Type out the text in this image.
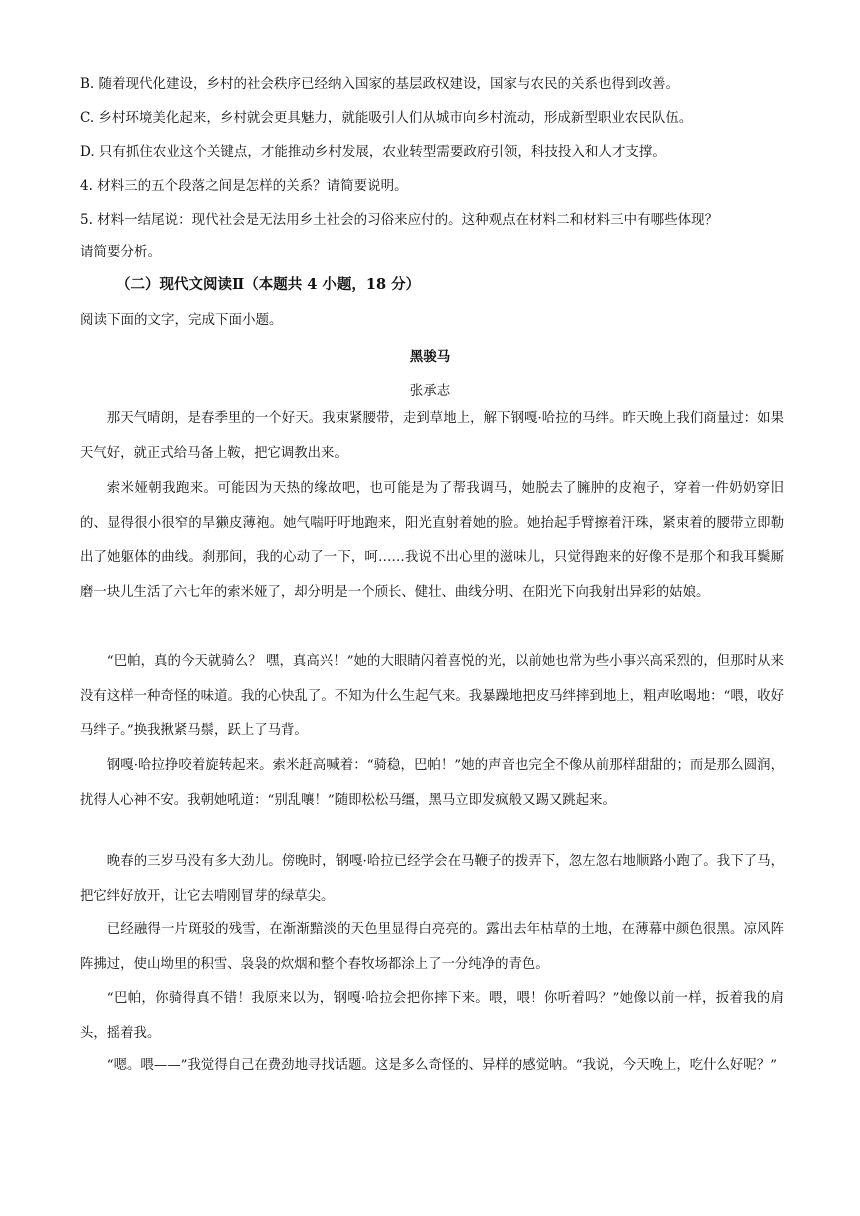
B. 随着现代化建设，乡村的社会秩序已经纳入国家的基层政权建设，国家与农民的关系也得到改善。
C. 乡村环境美化起来，乡村就会更具魅力，就能吸引人们从城市向乡村流动，形成新型职业农民队伍。
D. 只有抓住农业这个关键点，才能推动乡村发展，农业转型需要政府引领，科技投入和人才支撑。
4. 材料三的五个段落之间是怎样的关系？请简要说明。
5. 材料一结尾说：现代社会是无法用乡土社会的习俗来应付的。这种观点在材料二和材料三中有哪些体现？
请简要分析。
（二）现代文阅读Ⅱ（本题共 4 小题，18 分）
阅读下面的文字，完成下面小题。
黑骏马
张承志

那天气晴朗，是春季里的一个好天。我束紧腰带，走到草地上，解下钢嘎·哈拉的马绊。昨天晚上我们商量过：如果天气好，就正式给马备上鞍，把它调教出来。

索米娅朝我跑来。可能因为天热的缘故吧，也可能是为了帮我调马，她脱去了臃肿的皮袍子，穿着一件奶奶穿旧的、显得很小很窄的旱獭皮薄袍。她气喘吁吁地跑来，阳光直射着她的脸。她抬起手臂擦着汗珠，紧束着的腰带立即勒出了她躯体的曲线。刹那间，我的心动了一下，呵……我说不出心里的滋味儿，只觉得跑来的好像不是那个和我耳鬓厮磨一块儿生活了六七年的索米娅了，却分明是一个颀长、健壮、曲线分明、在阳光下向我射出异彩的姑娘。

“巴帕，真的今天就骑么？ 嘿，真高兴！”她的大眼睛闪着喜悦的光，以前她也常为些小事兴高采烈的，但那时从来没有这样一种奇怪的味道。我的心快乱了。不知为什么生起气来。我暴躁地把皮马绊摔到地上，粗声吆喝地：“喂，收好马绊子。”换我揪紧马鬃，跃上了马背。

钢嘎·哈拉挣咬着旋转起来。索米赶高喊着：“骑稳，巴帕！”她的声音也完全不像从前那样甜甜的；而是那么圆润，扰得人心神不安。我朝她吼道：“别乱嚷！”随即松松马缰，黑马立即发疯般又踢又跳起来。

晚春的三岁马没有多大劲儿。傍晚时，钢嘎·哈拉已经学会在马鞭子的拨弄下，忽左忽右地顺路小跑了。我下了马，把它绊好放开，让它去啃刚冒芽的绿草尖。

已经融得一片斑驳的残雪，在渐渐黯淡的天色里显得白亮亮的。露出去年枯草的土地，在薄幕中颜色很黑。凉风阵阵拂过，使山坳里的积雪、袅袅的炊烟和整个春牧场都涂上了一分纯净的青色。

“巴帕，你骑得真不错！我原来以为，钢嘎·哈拉会把你摔下来。喂，喂！你听着吗？”她像以前一样，扳着我的肩头，摇着我。

“嗯。喂——”我觉得自己在费劲地寻找话题。这是多么奇怪的、异样的感觉呐。“我说，今天晚上，吃什么好呢？”
